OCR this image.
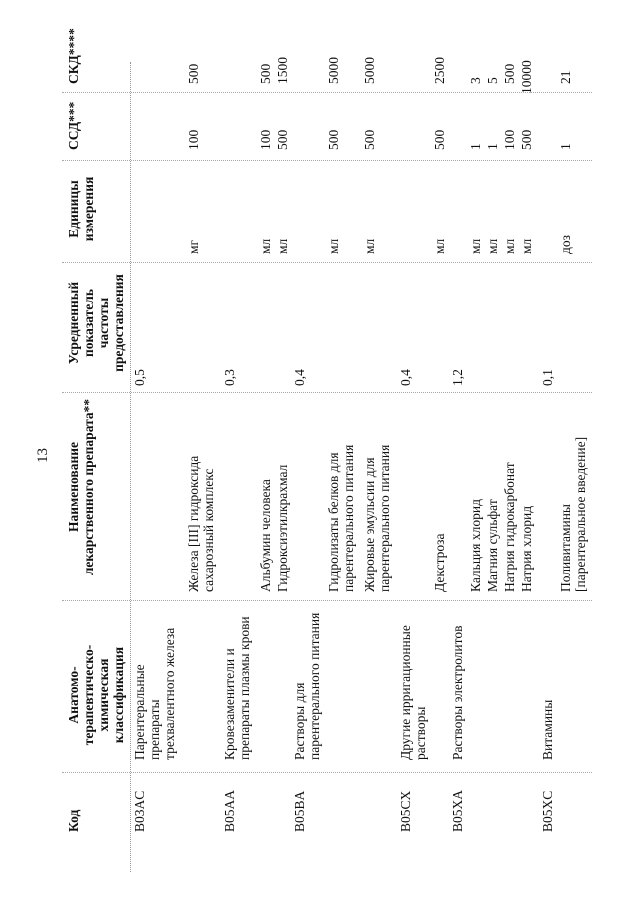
13
Код
Анатомо- терапевтическо- химическая классификация
Наименование лекарственного препарата**
Усредненный показатель частоты предоставления
Единицы измерения
ССД***
СКД****
B03AC
Парентеральные препараты трехвалентного железа
0,5
Железа [III] гидроксида сахарозный комплекс
мг
100
500
B05AA
Кровезаменители и препараты плазмы крови
0,3
Альбумин человека
мл
100
500
Гидроксиэтилкрахмал
мл
500
1500
B05BA
Растворы для парентерального питания
0,4
Гидролизаты белков для парентерального питания
мл
500
5000
Жировые эмульсии для парентерального питания
мл
500
5000
B05CX
Другие ирригационные растворы
0,4
Декстроза
мл
500
2500
B05XA
Растворы электролитов
1,2
Кальция хлорид
мл
1
3
Магния сульфат
мл
1
5
Натрия гидрокарбонат
мл
100
500
Натрия хлорид
мл
500
10000
B05XC
Витамины
0,1
Поливитамины [парентеральное введение]
доз
1
21
